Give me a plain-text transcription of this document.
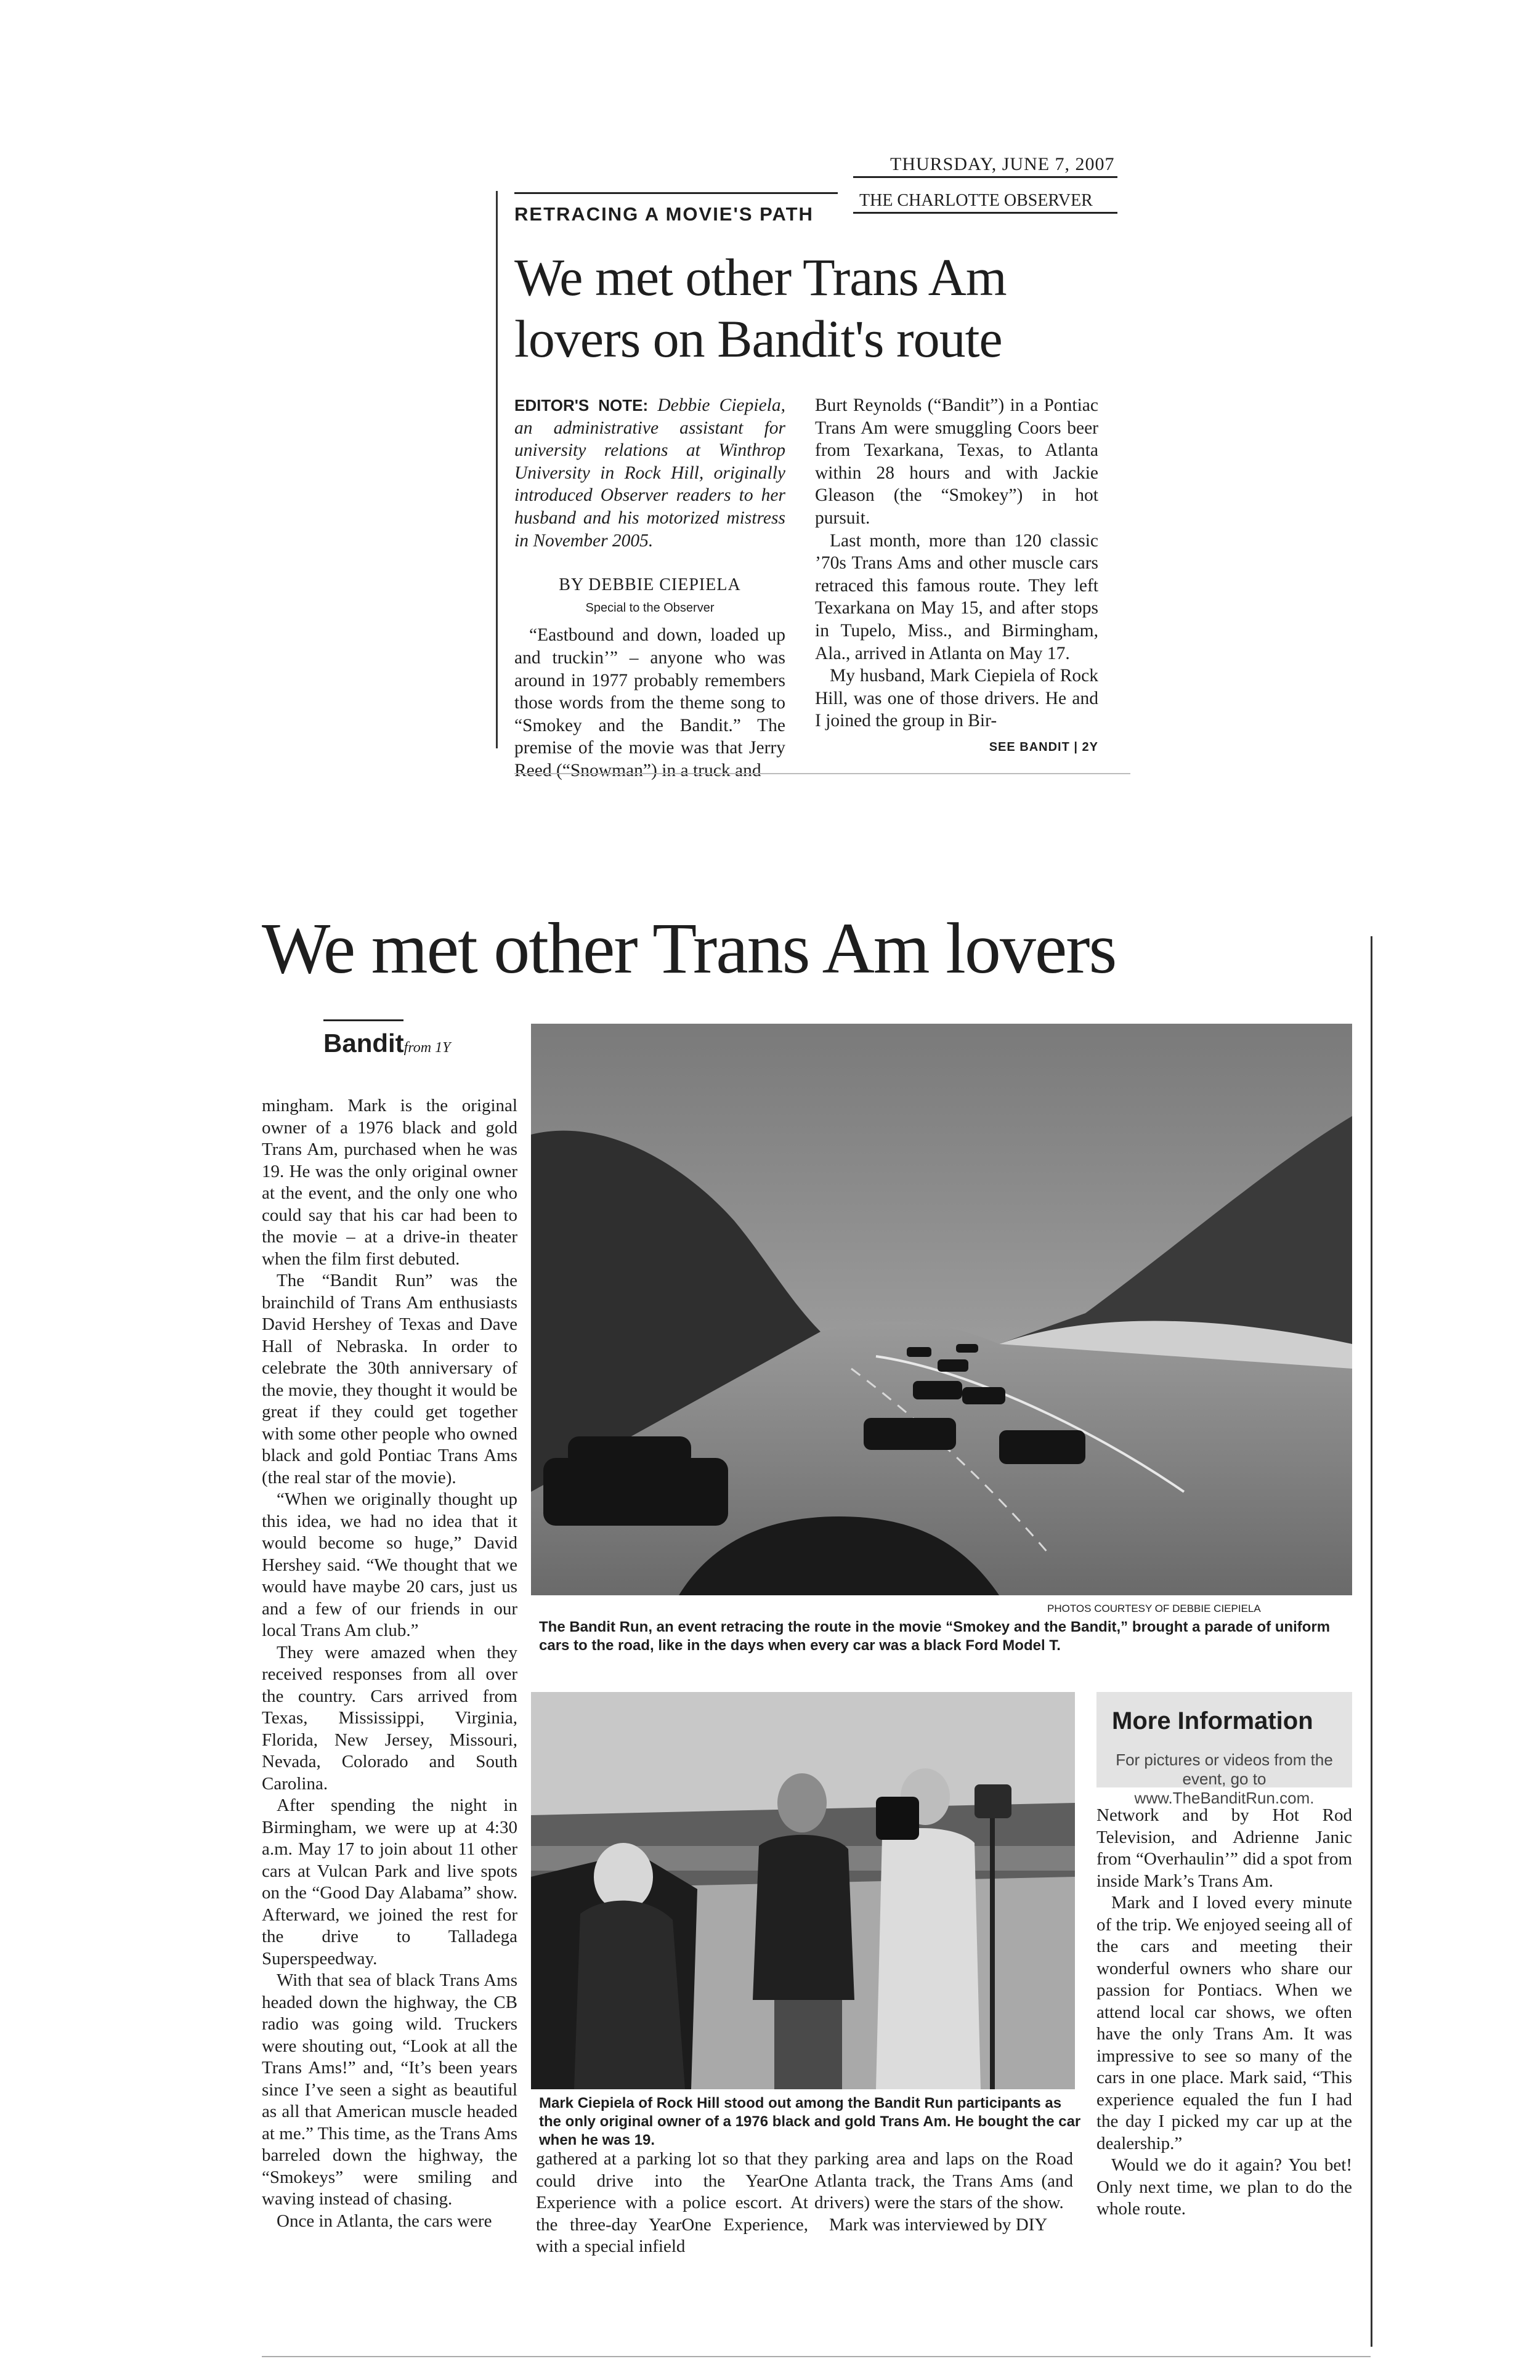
THURSDAY, JUNE 7, 2007
RETRACING A MOVIE'S PATH
THE CHARLOTTE OBSERVER
We met other Trans Am lovers on Bandit's route

EDITOR'S NOTE: Debbie Ciepiela, an administrative assistant for university relations at Winthrop University in Rock Hill, originally introduced Observer readers to her husband and his motorized mistress in November 2005.

BY DEBBIE CIEPIELA
Special to the Observer

“Eastbound and down, loaded up and truckin’” – anyone who was around in 1977 probably remembers those words from the theme song to “Smokey and the Bandit.” The premise of the movie was that Jerry Reed (“Snowman”) in a truck and

Burt Reynolds (“Bandit”) in a Pontiac Trans Am were smuggling Coors beer from Texarkana, Texas, to Atlanta within 28 hours and with Jackie Gleason (the “Smokey”) in hot pursuit.

Last month, more than 120 classic ’70s Trans Ams and other muscle cars retraced this famous route. They left Texarkana on May 15, and after stops in Tupelo, Miss., and Birmingham, Ala., arrived in Atlanta on May 17.

My husband, Mark Ciepiela of Rock Hill, was one of those drivers. He and I joined the group in Bir-

SEE BANDIT | 2Y
We met other Trans Am lovers
Banditfrom 1Y

mingham. Mark is the original owner of a 1976 black and gold Trans Am, purchased when he was 19. He was the only original owner at the event, and the only one who could say that his car had been to the movie – at a drive-in theater when the film first debuted.

The “Bandit Run” was the brainchild of Trans Am enthusiasts David Hershey of Texas and Dave Hall of Nebraska. In order to celebrate the 30th anniversary of the movie, they thought it would be great if they could get together with some other people who owned black and gold Pontiac Trans Ams (the real star of the movie).

“When we originally thought up this idea, we had no idea that it would become so huge,” David Hershey said. “We thought that we would have maybe 20 cars, just us and a few of our friends in our local Trans Am club.”

They were amazed when they received responses from all over the country. Cars arrived from Texas, Mississippi, Virginia, Florida, New Jersey, Missouri, Nevada, Colorado and South Carolina.

After spending the night in Birmingham, we were up at 4:30 a.m. May 17 to join about 11 other cars at Vulcan Park and live spots on the “Good Day Alabama” show. Afterward, we joined the rest for the drive to Talladega Superspeedway.

With that sea of black Trans Ams headed down the highway, the CB radio was going wild. Truckers were shouting out, “Look at all the Trans Ams!” and, “It’s been years since I’ve seen a sight as beautiful as all that American muscle headed at me.” This time, as the Trans Ams barreled down the highway, the “Smokeys” were smiling and waving instead of chasing.

Once in Atlanta, the cars were

PHOTOS COURTESY OF DEBBIE CIEPIELA
The Bandit Run, an event retracing the route in the movie “Smokey and the Bandit,” brought a parade of uniform cars to the road, like in the days when every car was a black Ford Model T.
Mark Ciepiela of Rock Hill stood out among the Bandit Run participants as the only original owner of a 1976 black and gold Trans Am. He bought the car when he was 19.
More Information
For pictures or videos from the event, go to www.TheBanditRun.com.

Network and by Hot Rod Television, and Adrienne Janic from “Overhaulin’” did a spot from inside Mark’s Trans Am.

Mark and I loved every minute of the trip. We enjoyed seeing all of the cars and meeting their wonderful owners who share our passion for Pontiacs. When we attend local car shows, we often have the only Trans Am. It was impressive to see so many of the cars in one place. Mark said, “This experience equaled the fun I had the day I picked my car up at the dealership.”

Would we do it again? You bet! Only next time, we plan to do the whole route.

gathered at a parking lot so that they could drive into the YearOne Experience with a police escort. At the three-day YearOne Experience, with a special infield

parking area and laps on the Road Atlanta track, the Trans Ams (and drivers) were the stars of the show.

Mark was interviewed by DIY
